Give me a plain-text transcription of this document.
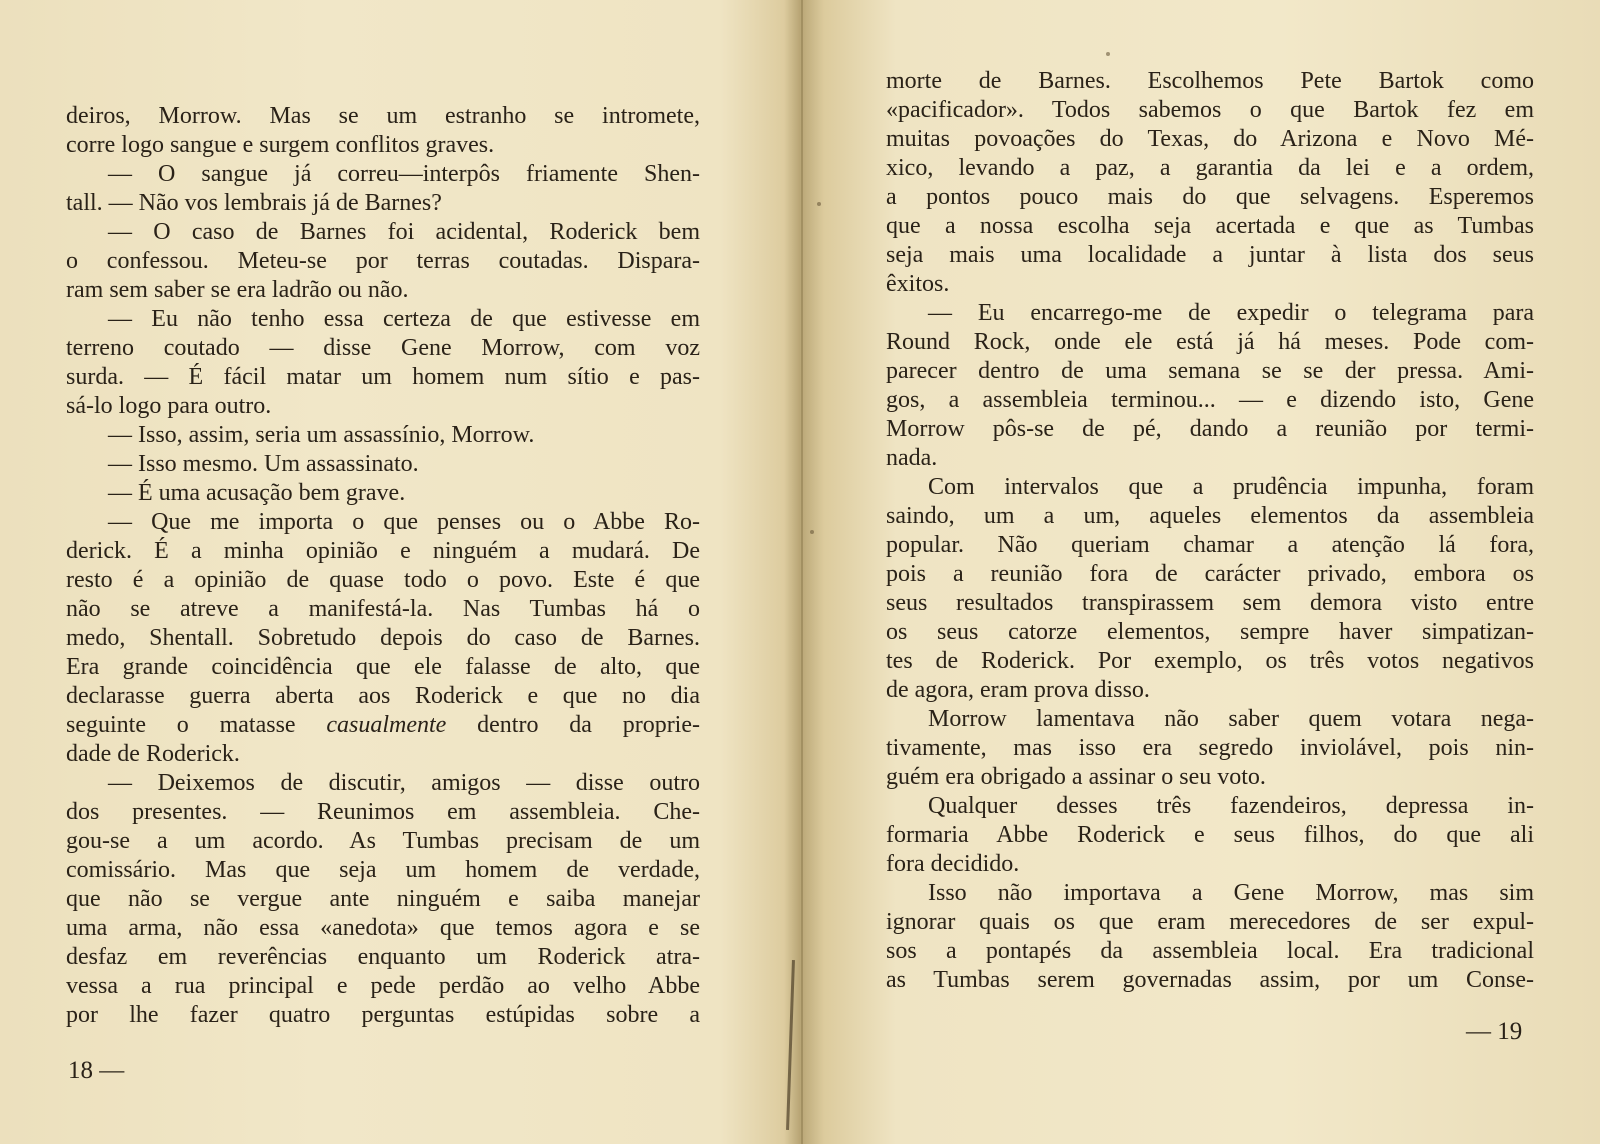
deiros, Morrow. Mas se um estranho se intromete,
corre logo sangue e surgem conflitos graves.
— O sangue já correu—interpôs friamente Shen-
tall. — Não vos lembrais já de Barnes?
— O caso de Barnes foi acidental, Roderick bem
o confessou. Meteu-se por terras coutadas. Dispara-
ram sem saber se era ladrão ou não.
— Eu não tenho essa certeza de que estivesse em
terreno coutado — disse Gene Morrow, com voz
surda. — É fácil matar um homem num sítio e pas-
sá-lo logo para outro.
— Isso, assim, seria um assassínio, Morrow.
— Isso mesmo. Um assassinato.
— É uma acusação bem grave.
— Que me importa o que penses ou o Abbe Ro-
derick. É a minha opinião e ninguém a mudará. De
resto é a opinião de quase todo o povo. Este é que
não se atreve a manifestá-la. Nas Tumbas há o
medo, Shentall. Sobretudo depois do caso de Barnes.
Era grande coincidência que ele falasse de alto, que
declarasse guerra aberta aos Roderick e que no dia
seguinte o matasse casualmente dentro da proprie-
dade de Roderick.
— Deixemos de discutir, amigos — disse outro
dos presentes. — Reunimos em assembleia. Che-
gou-se a um acordo. As Tumbas precisam de um
comissário. Mas que seja um homem de verdade,
que não se vergue ante ninguém e saiba manejar
uma arma, não essa «anedota» que temos agora e se
desfaz em reverências enquanto um Roderick atra-
vessa a rua principal e pede perdão ao velho Abbe
por lhe fazer quatro perguntas estúpidas sobre a
morte de Barnes. Escolhemos Pete Bartok como
«pacificador». Todos sabemos o que Bartok fez em
muitas povoações do Texas, do Arizona e Novo Mé-
xico, levando a paz, a garantia da lei e a ordem,
a pontos pouco mais do que selvagens. Esperemos
que a nossa escolha seja acertada e que as Tumbas
seja mais uma localidade a juntar à lista dos seus
êxitos.
— Eu encarrego-me de expedir o telegrama para
Round Rock, onde ele está já há meses. Pode com-
parecer dentro de uma semana se se der pressa. Ami-
gos, a assembleia terminou... — e dizendo isto, Gene
Morrow pôs-se de pé, dando a reunião por termi-
nada.
Com intervalos que a prudência impunha, foram
saindo, um a um, aqueles elementos da assembleia
popular. Não queriam chamar a atenção lá fora,
pois a reunião fora de carácter privado, embora os
seus resultados transpirassem sem demora visto entre
os seus catorze elementos, sempre haver simpatizan-
tes de Roderick. Por exemplo, os três votos negativos
de agora, eram prova disso.
Morrow lamentava não saber quem votara nega-
tivamente, mas isso era segredo inviolável, pois nin-
guém era obrigado a assinar o seu voto.
Qualquer desses três fazendeiros, depressa in-
formaria Abbe Roderick e seus filhos, do que ali
fora decidido.
Isso não importava a Gene Morrow, mas sim
ignorar quais os que eram merecedores de ser expul-
sos a pontapés da assembleia local. Era tradicional
as Tumbas serem governadas assim, por um Conse-
18 —
— 19
